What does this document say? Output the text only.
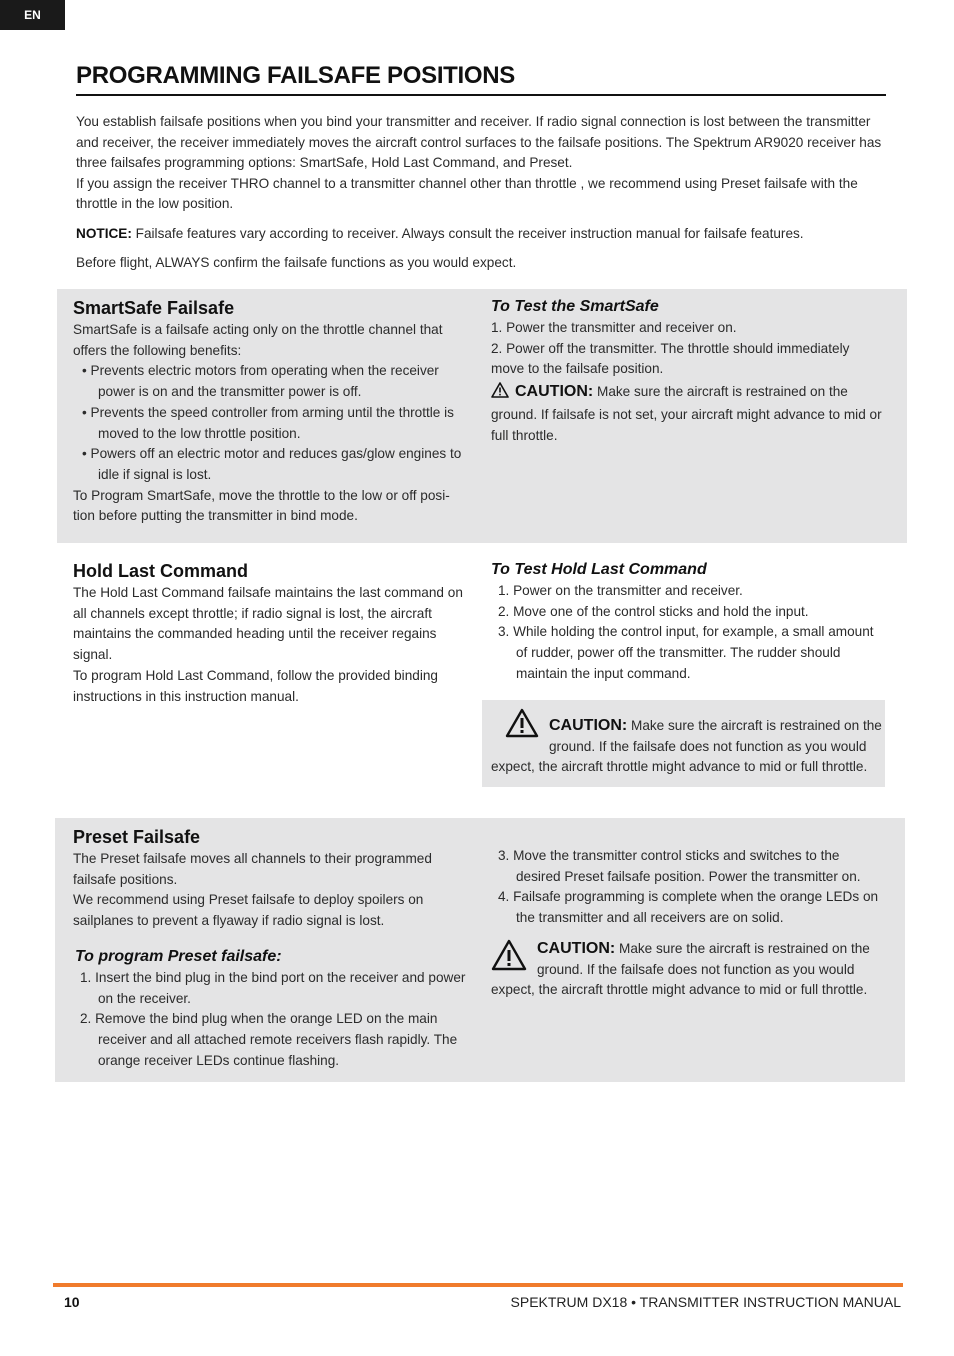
EN
PROGRAMMING FAILSAFE POSITIONS

You establish failsafe positions when you bind your transmitter and receiver. If radio signal connection is lost between the transmitter and receiver, the receiver immediately moves the aircraft control surfaces to the failsafe positions. The Spektrum AR9020 receiver has three failsafes programming options: SmartSafe, Hold Last Command, and Preset.

If you assign the receiver THRO channel to a transmitter channel other than throttle , we recommend using Preset failsafe with the throttle in the low position.

NOTICE: Failsafe features vary according to receiver. Always consult the receiver instruction manual for failsafe features.

Before flight, ALWAYS confirm the failsafe functions as you would expect.

SmartSafe Failsafe

SmartSafe is a failsafe acting only on the throttle channel that offers the following benefits:

• Prevents electric motors from operating when the receiver power is on and the transmitter power is off.

• Prevents the speed controller from arming until the throttle is moved to the low throttle position.

• Powers off an electric motor and reduces gas/glow engines to idle if signal is lost.

To Program SmartSafe, move the throttle to the low or off posi-tion before putting the transmitter in bind mode.

To Test the SmartSafe

1. Power the transmitter and receiver on.

2. Power off the transmitter. The throttle should immediately move to the failsafe position.

CAUTION: Make sure the aircraft is restrained on the ground. If failsafe is not set, your aircraft might advance to mid or full throttle.

Hold Last Command

The Hold Last Command failsafe maintains the last command on all channels except throttle; if radio signal is lost, the aircraft maintains the commanded heading until the receiver regains signal.

To program Hold Last Command, follow the provided binding instructions in this instruction manual.

To Test Hold Last Command

1. Power on the transmitter and receiver.

2. Move one of the control sticks and hold the input.

3. While holding the control input, for example, a small amount of rudder, power off the transmitter. The rudder should maintain the input command.

CAUTION: Make sure the aircraft is restrained on the ground. If the failsafe does not function as you would expect, the aircraft throttle might advance to mid or full throttle.
Preset Failsafe

The Preset failsafe moves all channels to their programmed failsafe positions.

We recommend using Preset failsafe to deploy spoilers on sailplanes to prevent a flyaway if radio signal is lost.

To program Preset failsafe:

1. Insert the bind plug in the bind port on the receiver and power on the receiver.

2. Remove the bind plug when the orange LED on the main receiver and all attached remote receivers flash rapidly. The orange receiver LEDs continue flashing.

3. Move the transmitter control sticks and switches to the desired Preset failsafe position. Power the transmitter on.

4. Failsafe programming is complete when the orange LEDs on the transmitter and all receivers are on solid.

CAUTION: Make sure the aircraft is restrained on the ground. If the failsafe does not function as you would expect, the aircraft throttle might advance to mid or full throttle.
10	SPEKTRUM DX18 • TRANSMITTER INSTRUCTION MANUAL
